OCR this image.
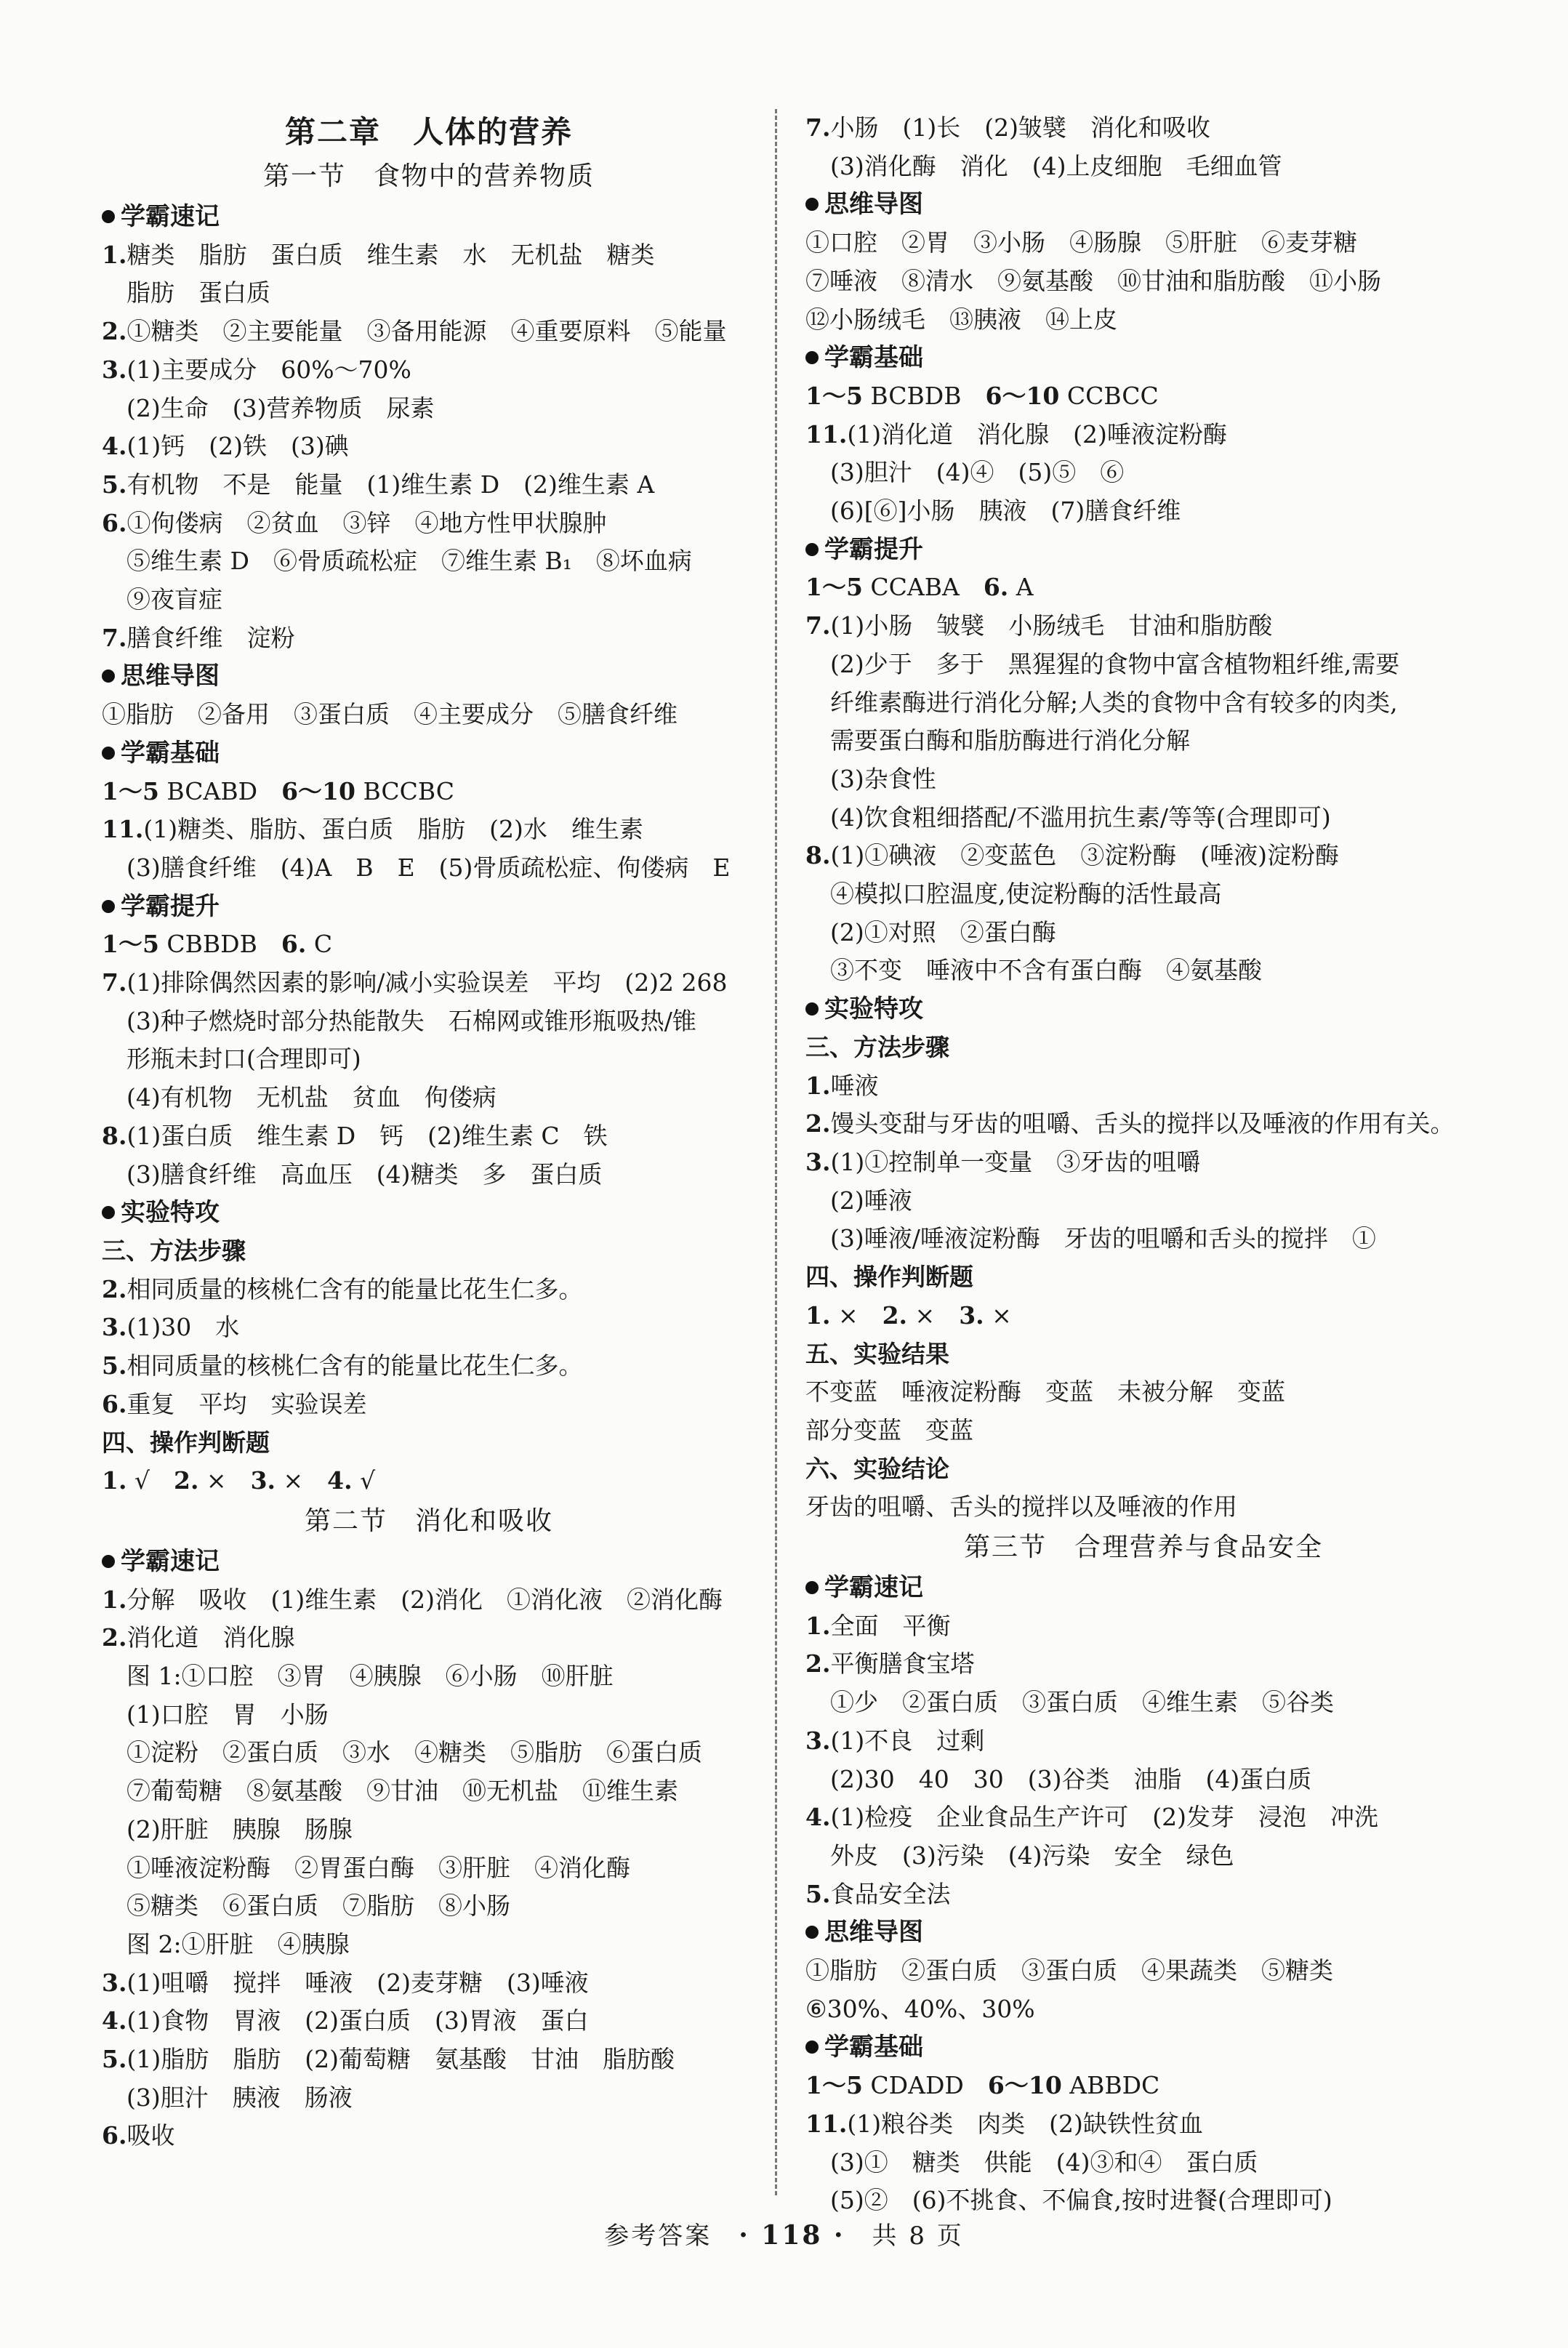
第二章　人体的营养
第一节　食物中的营养物质
学霸速记
1.糖类　脂肪　蛋白质　维生素　水　无机盐　糖类
脂肪　蛋白质
2.①糖类　②主要能量　③备用能源　④重要原料　⑤能量
3.(1)主要成分　60%～70%
(2)生命　(3)营养物质　尿素
4.(1)钙　(2)铁　(3)碘
5.有机物　不是　能量　(1)维生素 D　(2)维生素 A
6.①佝偻病　②贫血　③锌　④地方性甲状腺肿
⑤维生素 D　⑥骨质疏松症　⑦维生素 B₁　⑧坏血病
⑨夜盲症
7.膳食纤维　淀粉
思维导图
①脂肪　②备用　③蛋白质　④主要成分　⑤膳食纤维
学霸基础
1～5 BCABD　6～10 BCCBC
11.(1)糖类、脂肪、蛋白质　脂肪　(2)水　维生素
(3)膳食纤维　(4)A　B　E　(5)骨质疏松症、佝偻病　E
学霸提升
1～5 CBBDB　6. C
7.(1)排除偶然因素的影响/减小实验误差　平均　(2)2 268
(3)种子燃烧时部分热能散失　石棉网或锥形瓶吸热/锥
形瓶未封口(合理即可)
(4)有机物　无机盐　贫血　佝偻病
8.(1)蛋白质　维生素 D　钙　(2)维生素 C　铁
(3)膳食纤维　高血压　(4)糖类　多　蛋白质
实验特攻
三、方法步骤
2.相同质量的核桃仁含有的能量比花生仁多。
3.(1)30　水
5.相同质量的核桃仁含有的能量比花生仁多。
6.重复　平均　实验误差
四、操作判断题
1. √　2. ×　3. ×　4. √
第二节　消化和吸收
学霸速记
1.分解　吸收　(1)维生素　(2)消化　①消化液　②消化酶
2.消化道　消化腺
图 1:①口腔　③胃　④胰腺　⑥小肠　⑩肝脏
(1)口腔　胃　小肠
①淀粉　②蛋白质　③水　④糖类　⑤脂肪　⑥蛋白质
⑦葡萄糖　⑧氨基酸　⑨甘油　⑩无机盐　⑪维生素
(2)肝脏　胰腺　肠腺
①唾液淀粉酶　②胃蛋白酶　③肝脏　④消化酶
⑤糖类　⑥蛋白质　⑦脂肪　⑧小肠
图 2:①肝脏　④胰腺
3.(1)咀嚼　搅拌　唾液　(2)麦芽糖　(3)唾液
4.(1)食物　胃液　(2)蛋白质　(3)胃液　蛋白
5.(1)脂肪　脂肪　(2)葡萄糖　氨基酸　甘油　脂肪酸
(3)胆汁　胰液　肠液
6.吸收
7.小肠　(1)长　(2)皱襞　消化和吸收
(3)消化酶　消化　(4)上皮细胞　毛细血管
思维导图
①口腔　②胃　③小肠　④肠腺　⑤肝脏　⑥麦芽糖
⑦唾液　⑧清水　⑨氨基酸　⑩甘油和脂肪酸　⑪小肠
⑫小肠绒毛　⑬胰液　⑭上皮
学霸基础
1～5 BCBDB　6～10 CCBCC
11.(1)消化道　消化腺　(2)唾液淀粉酶
(3)胆汁　(4)④　(5)⑤　⑥
(6)[⑥]小肠　胰液　(7)膳食纤维
学霸提升
1～5 CCABA　6. A
7.(1)小肠　皱襞　小肠绒毛　甘油和脂肪酸
(2)少于　多于　黑猩猩的食物中富含植物粗纤维,需要
纤维素酶进行消化分解;人类的食物中含有较多的肉类,
需要蛋白酶和脂肪酶进行消化分解
(3)杂食性
(4)饮食粗细搭配/不滥用抗生素/等等(合理即可)
8.(1)①碘液　②变蓝色　③淀粉酶　(唾液)淀粉酶
④模拟口腔温度,使淀粉酶的活性最高
(2)①对照　②蛋白酶
③不变　唾液中不含有蛋白酶　④氨基酸
实验特攻
三、方法步骤
1.唾液
2.馒头变甜与牙齿的咀嚼、舌头的搅拌以及唾液的作用有关。
3.(1)①控制单一变量　③牙齿的咀嚼
(2)唾液
(3)唾液/唾液淀粉酶　牙齿的咀嚼和舌头的搅拌　①
四、操作判断题
1. ×　2. ×　3. ×
五、实验结果
不变蓝　唾液淀粉酶　变蓝　未被分解　变蓝
部分变蓝　变蓝
六、实验结论
牙齿的咀嚼、舌头的搅拌以及唾液的作用
第三节　合理营养与食品安全
学霸速记
1.全面　平衡
2.平衡膳食宝塔
①少　②蛋白质　③蛋白质　④维生素　⑤谷类
3.(1)不良　过剩
(2)30　40　30　(3)谷类　油脂　(4)蛋白质
4.(1)检疫　企业食品生产许可　(2)发芽　浸泡　冲洗
外皮　(3)污染　(4)污染　安全　绿色
5.食品安全法
思维导图
①脂肪　②蛋白质　③蛋白质　④果蔬类　⑤糖类
⑥30%、40%、30%
学霸基础
1～5 CDADD　6～10 ABBDC
11.(1)粮谷类　肉类　(2)缺铁性贫血
(3)①　糖类　供能　(4)③和④　蛋白质
(5)②　(6)不挑食、不偏食,按时进餐(合理即可)
参考答案　 · 118 ·　 共 8 页
